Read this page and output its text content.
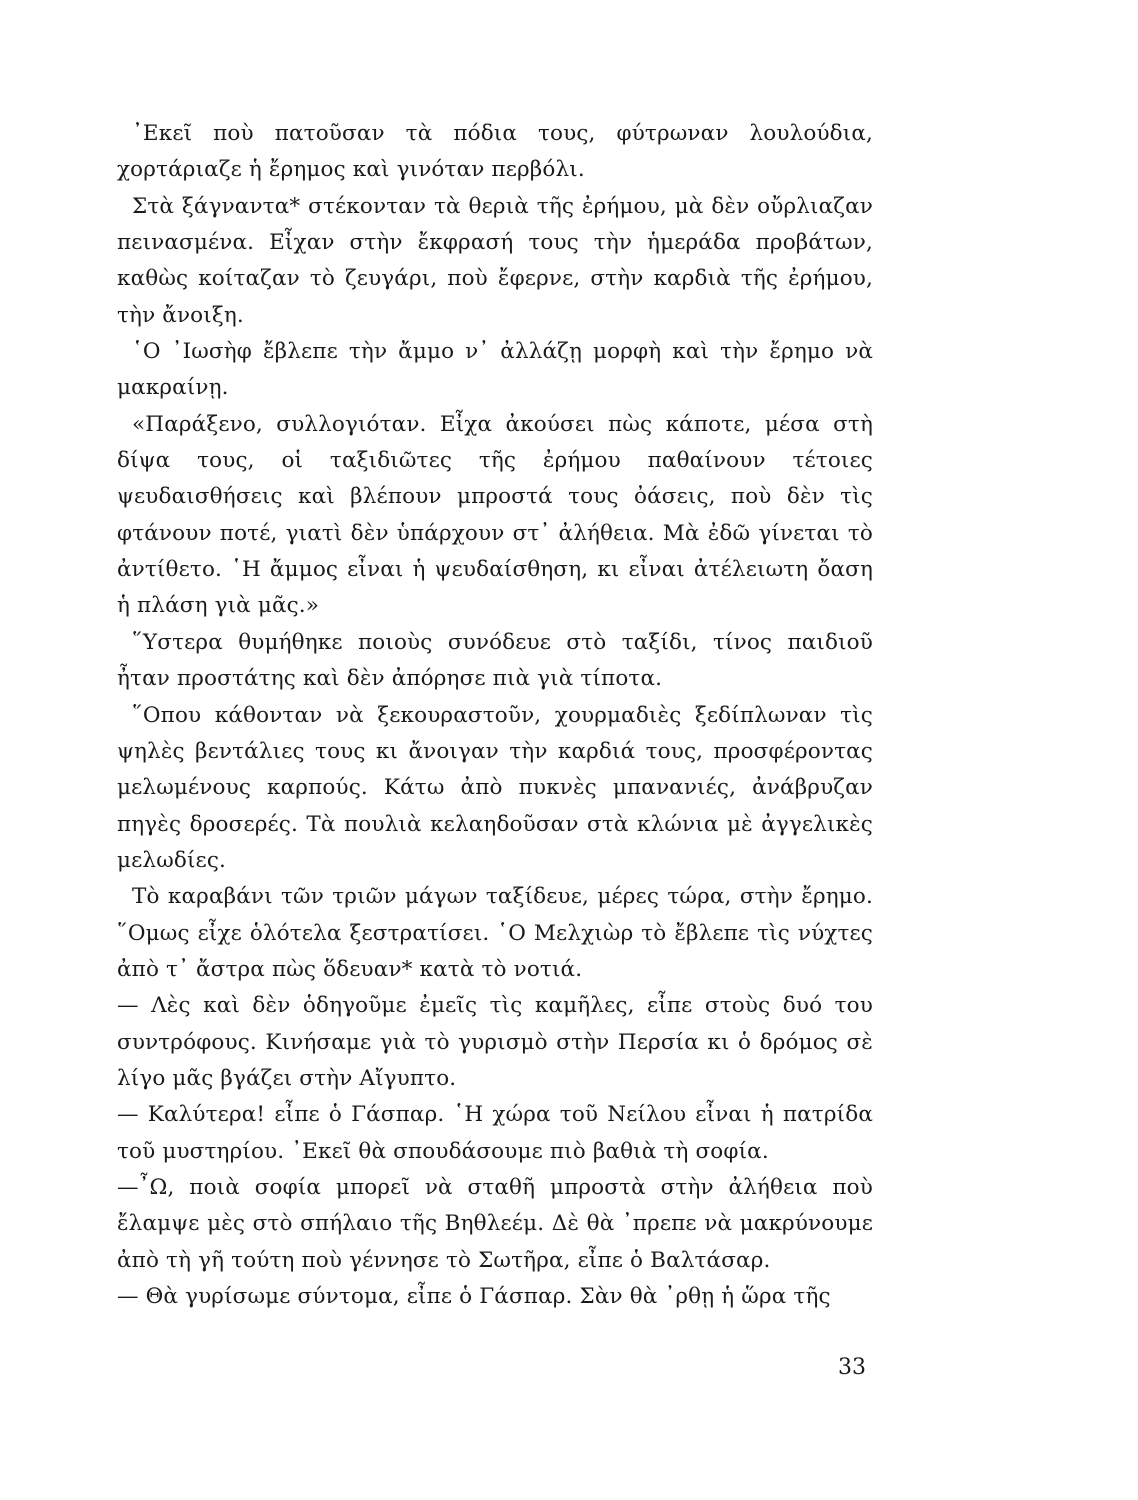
᾿Εκεῖ ποὺ πατοῦσαν τὰ πόδια τους, φύτρωναν λουλούδια, χορτάριαζε ἡ ἔρημος καὶ γινόταν περβόλι.

Στὰ ξάγναντα* στέκονταν τὰ θεριὰ τῆς ἐρήμου, μὰ δὲν οὔρλιαζαν πεινασμένα. Εἶχαν στὴν ἔκφρασή τους τὴν ἡμεράδα προβάτων, καθὼς κοίταζαν τὸ ζευγάρι, ποὺ ἔφερνε, στὴν καρδιὰ τῆς ἐρήμου, τὴν ἄνοιξη.

῾Ο ᾿Ιωσὴφ ἔβλεπε τὴν ἄμμο ν᾿ ἀλλάζῃ μορφὴ καὶ τὴν ἔρημο νὰ μακραίνῃ.

«Παράξενο, συλλογιόταν. Εἶχα ἀκούσει πὼς κάποτε, μέσα στὴ δίψα τους, οἱ ταξιδιῶτες τῆς ἐρήμου παθαίνουν τέτοιες ψευδαισθήσεις καὶ βλέπουν μπροστά τους ὀάσεις, ποὺ δὲν τὶς φτάνουν ποτέ, γιατὶ δὲν ὑπάρχουν στ᾿ ἀλήθεια. Μὰ ἐδῶ γίνεται τὸ ἀντίθετο. ῾Η ἄμμος εἶναι ἡ ψευδαίσθηση, κι εἶναι ἀτέλειωτη ὄαση ἡ πλάση γιὰ μᾶς.»

῞Υστερα θυμήθηκε ποιοὺς συνόδευε στὸ ταξίδι, τίνος παιδιοῦ ἦταν προστάτης καὶ δὲν ἀπόρησε πιὰ γιὰ τίποτα.

῞Οπου κάθονταν νὰ ξεκουραστοῦν, χουρμαδιὲς ξεδίπλωναν τὶς ψηλὲς βεντάλιες τους κι ἄνοιγαν τὴν καρδιά τους, προσφέροντας μελωμένους καρπούς. Κάτω ἀπὸ πυκνὲς μπανανιές, ἀνάβρυζαν πηγὲς δροσερές. Τὰ πουλιὰ κελαηδοῦσαν στὰ κλώνια μὲ ἀγγελικὲς μελωδίες.

Τὸ καραβάνι τῶν τριῶν μάγων ταξίδευε, μέρες τώρα, στὴν ἔρημο. ῞Ομως εἶχε ὁλότελα ξεστρατίσει. ῾Ο Μελχιὼρ τὸ ἔβλεπε τὶς νύχτες ἀπὸ τ᾿ ἄστρα πὼς ὅδευαν* κατὰ τὸ νοτιά.

— Λὲς καὶ δὲν ὁδηγοῦμε ἐμεῖς τὶς καμῆλες, εἶπε στοὺς δυό του συντρόφους. Κινήσαμε γιὰ τὸ γυρισμὸ στὴν Περσία κι ὁ δρόμος σὲ λίγο μᾶς βγάζει στὴν Αἴγυπτο.

— Καλύτερα! εἶπε ὁ Γάσπαρ. ῾Η χώρα τοῦ Νείλου εἶναι ἡ πατρίδα τοῦ μυστηρίου. ᾿Εκεῖ θὰ σπουδάσουμε πιὸ βαθιὰ τὴ σοφία.

—῏Ω, ποιὰ σοφία μπορεῖ νὰ σταθῆ μπροστὰ στὴν ἀλήθεια ποὺ ἔλαμψε μὲς στὸ σπήλαιο τῆς Βηθλεέμ. Δὲ θὰ ᾿πρεπε νὰ μακρύνουμε ἀπὸ τὴ γῆ τούτη ποὺ γέννησε τὸ Σωτῆρα, εἶπε ὁ Βαλτάσαρ.

— Θὰ γυρίσωμε σύντομα, εἶπε ὁ Γάσπαρ. Σὰν θὰ ᾿ρθῃ ἡ ὥρα τῆς

33
